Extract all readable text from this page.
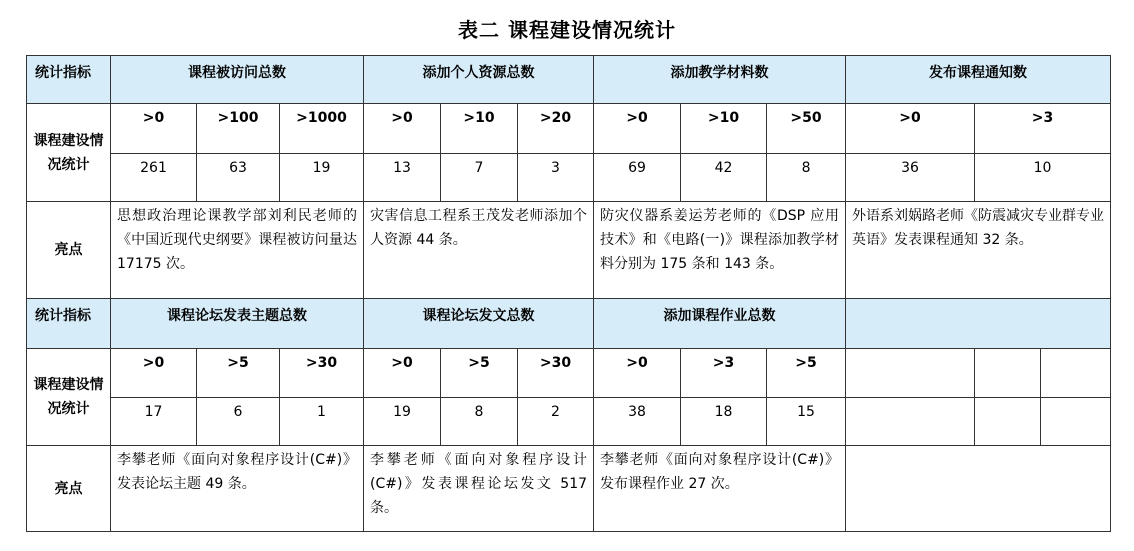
表二 课程建设情况统计
统计指标	课程被访问总数			添加个人资源总数			添加教学材料数			发布课程通知数		
课程建设情况统计	>0	>100	>1000	>0	>10	>20	>0	>10	>50	>0	>3	
	261	63	19	13	7	3	69	42	8	36	10	
亮点	思想政治理论课教学部刘利民老师的《中国近现代史纲要》课程被访问量达 17175 次。			灾害信息工程系王茂发老师添加个人资源 44 条。			防灾仪器系姜运芳老师的《DSP 应用技术》和《电路(一)》课程添加教学材料分别为 175 条和 143 条。			外语系刘娲路老师《防震减灾专业群专业英语》发表课程通知 32 条。		
统计指标	课程论坛发表主题总数			课程论坛发文总数			添加课程作业总数					
课程建设情况统计	>0	>5	>30	>0	>5	>30	>0	>3	>5			
	17	6	1	19	8	2	38	18	15			
亮点	李攀老师《面向对象程序设计(C#)》发表论坛主题 49 条。			李攀老师《面向对象程序设计(C#)》发表课程论坛发文 517 条。			李攀老师《面向对象程序设计(C#)》发布课程作业 27 次。					
